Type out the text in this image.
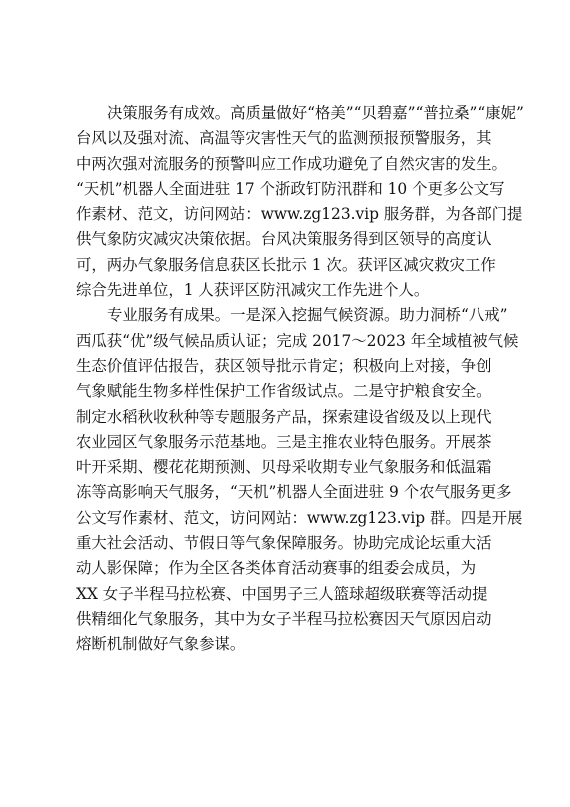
决策服务有成效。高质量做好“格美”“贝碧嘉”“普拉桑”“康妮”
台风以及强对流、高温等灾害性天气的监测预报预警服务，其
中两次强对流服务的预警叫应工作成功避免了自然灾害的发生。
“天机”机器人全面进驻 17 个浙政钉防汛群和 10 个更多公文写
作素材、范文，访问网站：www.zg123.vip 服务群，为各部门提
供气象防灾减灾决策依据。台风决策服务得到区领导的高度认
可，两办气象服务信息获区长批示 1 次。获评区减灾救灾工作
综合先进单位，1 人获评区防汛减灾工作先进个人。
专业服务有成果。一是深入挖掘气候资源。助力洞桥“八戒”
西瓜获“优”级气候品质认证；完成 2017～2023 年全域植被气候
生态价值评估报告，获区领导批示肯定；积极向上对接，争创
气象赋能生物多样性保护工作省级试点。二是守护粮食安全。
制定水稻秋收秋种等专题服务产品，探索建设省级及以上现代
农业园区气象服务示范基地。三是主推农业特色服务。开展茶
叶开采期、樱花花期预测、贝母采收期专业气象服务和低温霜
冻等高影响天气服务，“天机”机器人全面进驻 9 个农气服务更多
公文写作素材、范文，访问网站：www.zg123.vip 群。四是开展
重大社会活动、节假日等气象保障服务。协助完成论坛重大活
动人影保障；作为全区各类体育活动赛事的组委会成员，为
XX 女子半程马拉松赛、中国男子三人篮球超级联赛等活动提
供精细化气象服务，其中为女子半程马拉松赛因天气原因启动
熔断机制做好气象参谋。
